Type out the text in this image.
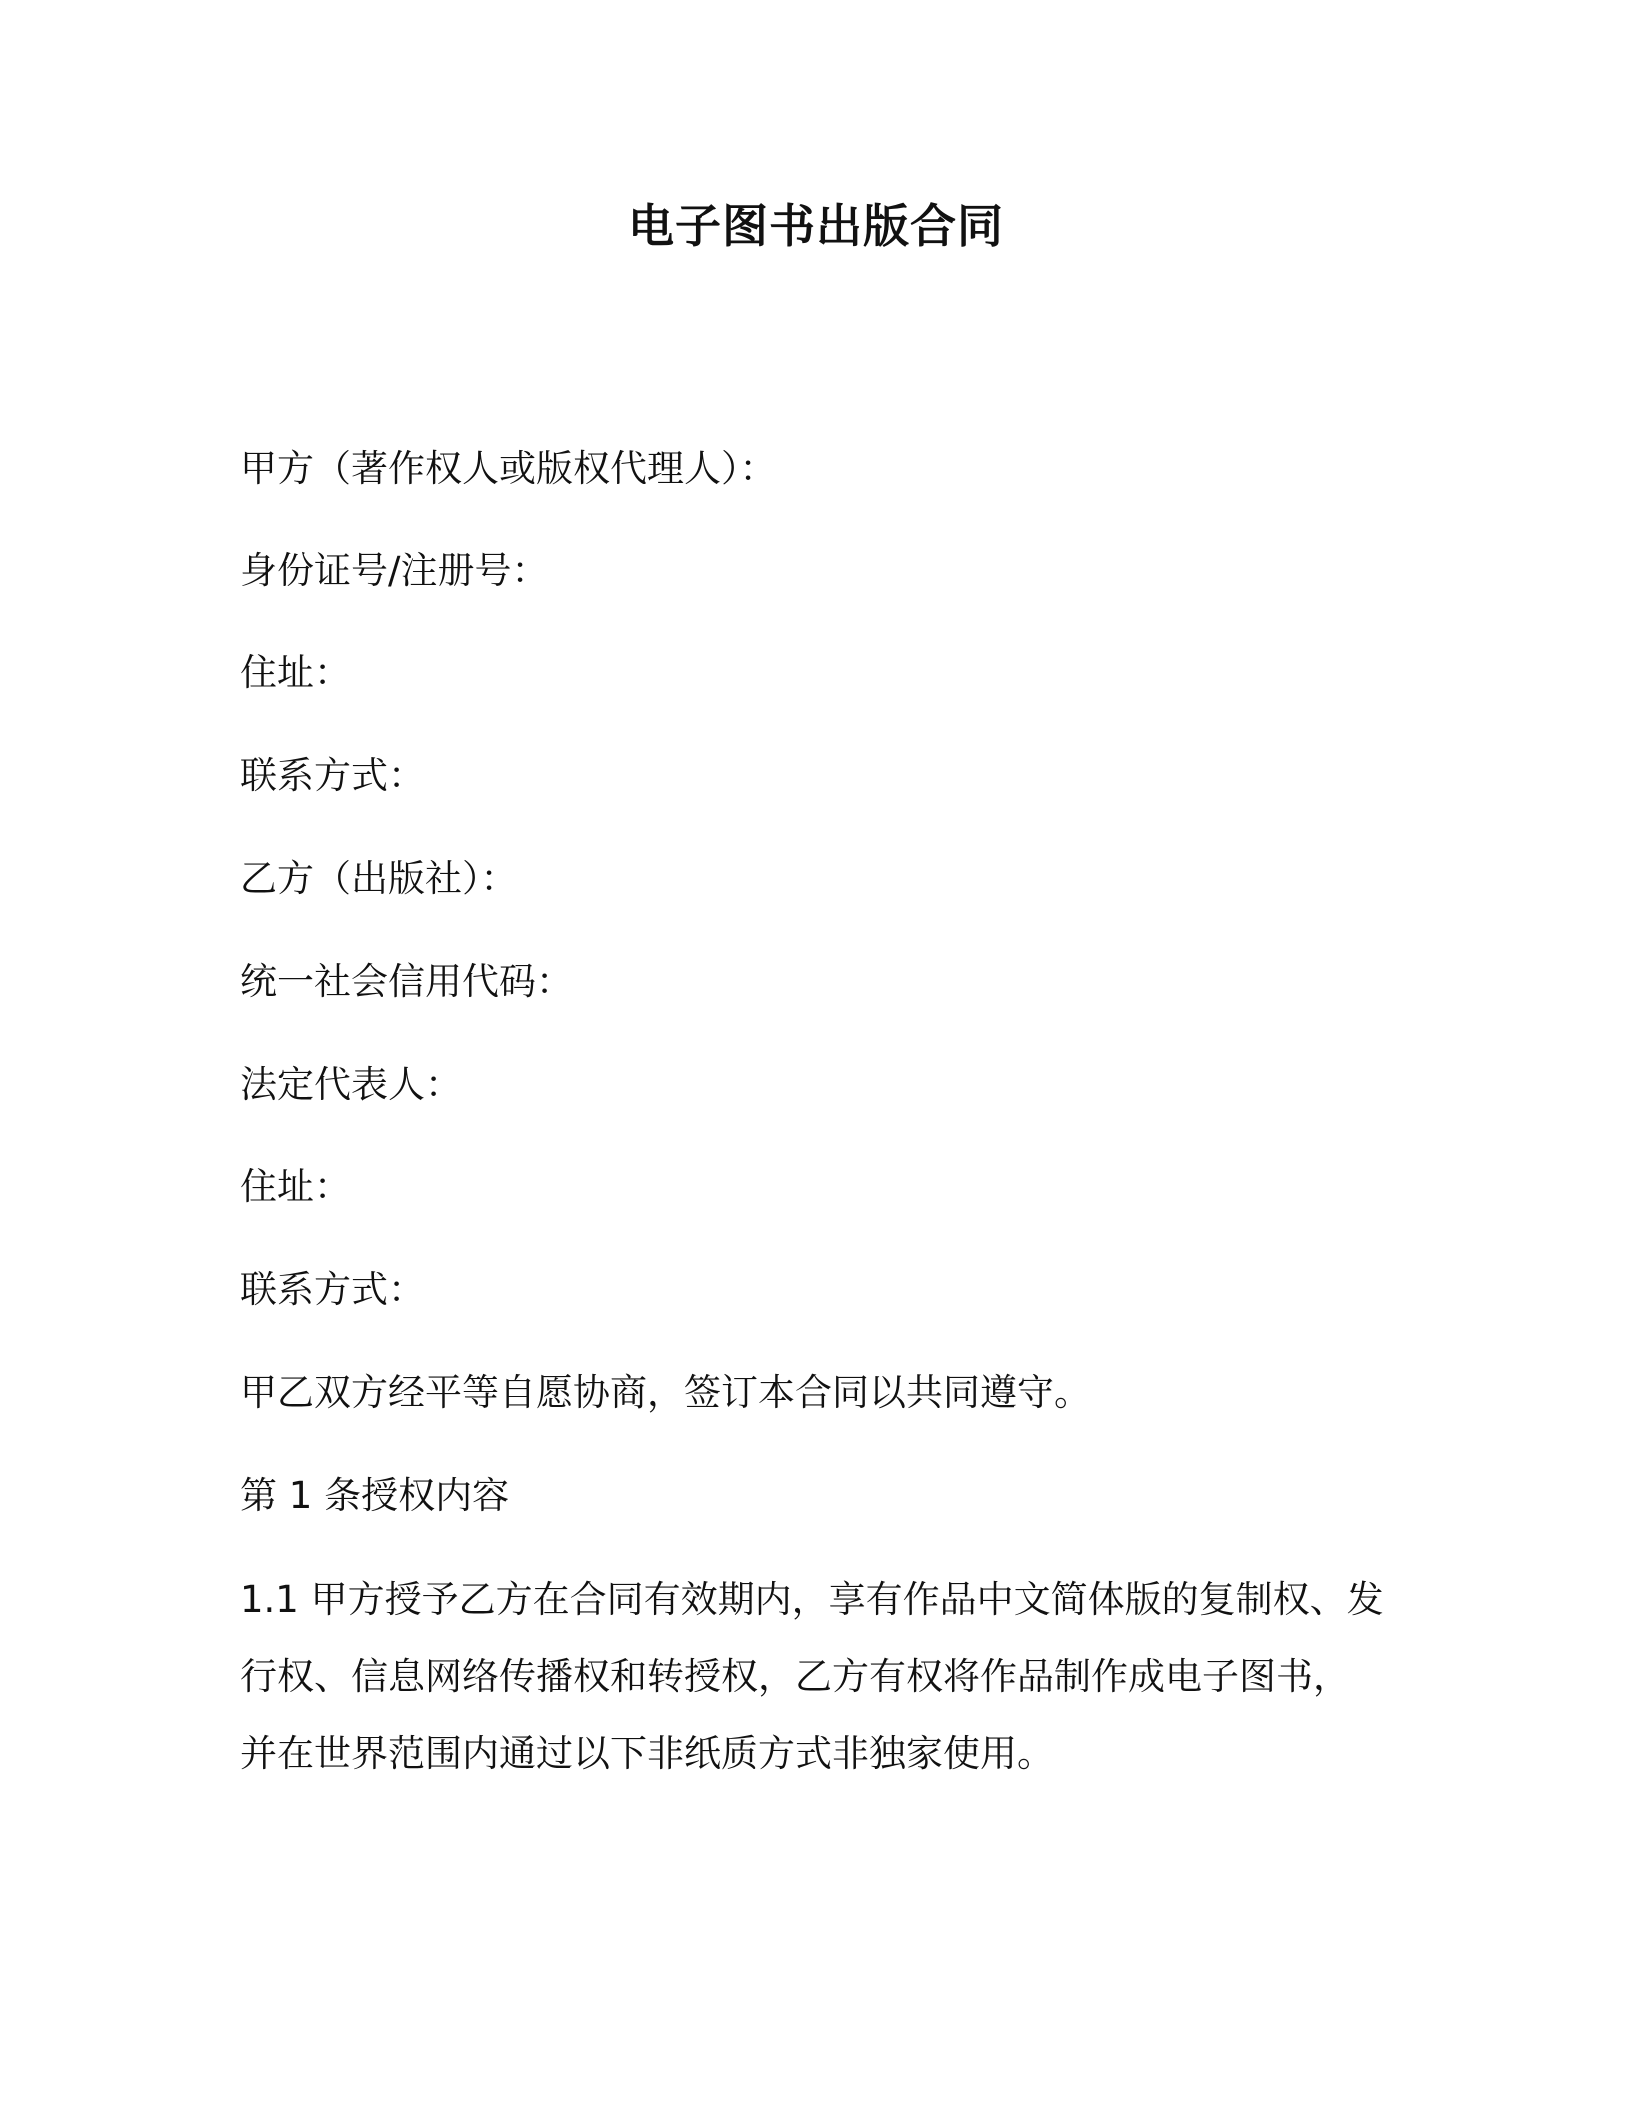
电子图书出版合同

甲方（著作权人或版权代理人）：

身份证号/注册号：

住址：

联系方式：

乙方（出版社）：

统一社会信用代码：

法定代表人：

住址：

联系方式：

甲乙双方经平等自愿协商，签订本合同以共同遵守。

第 1 条授权内容

1.1 甲方授予乙方在合同有效期内，享有作品中文简体版的复制权、发
行权、信息网络传播权和转授权，乙方有权将作品制作成电子图书，
并在世界范围内通过以下非纸质方式非独家使用。
